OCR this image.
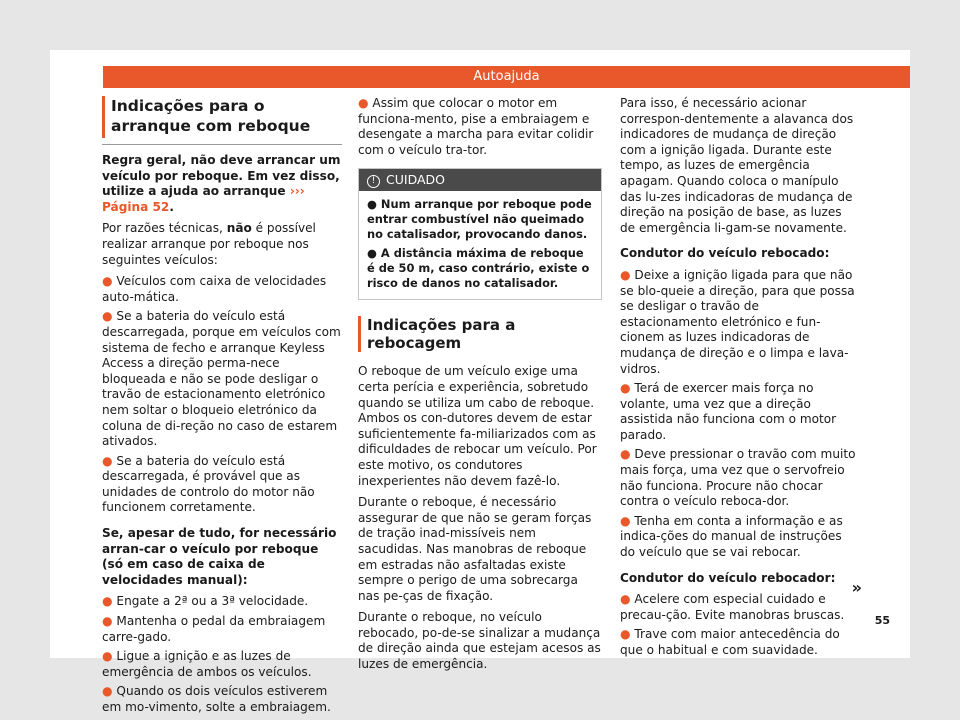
Autoajuda
Indicações para o arranque com reboque

Regra geral, não deve arrancar um veículo por reboque. Em vez disso, utilize a ajuda ao arranque ››› Página 52.

Por razões técnicas, não é possível realizar arranque por reboque nos seguintes veículos:

● Veículos com caixa de velocidades auto-mática.

● Se a bateria do veículo está descarregada, porque em veículos com sistema de fecho e arranque Keyless Access a direção perma-nece bloqueada e não se pode desligar o travão de estacionamento eletrónico nem soltar o bloqueio eletrónico da coluna de di-reção no caso de estarem ativados.

● Se a bateria do veículo está descarregada, é provável que as unidades de controlo do motor não funcionem corretamente.

Se, apesar de tudo, for necessário arran-car o veículo por reboque (só em caso de caixa de velocidades manual):

● Engate a 2ª ou a 3ª velocidade.

● Mantenha o pedal da embraiagem carre-gado.

● Ligue a ignição e as luzes de emergência de ambos os veículos.

● Quando os dois veículos estiverem em mo-vimento, solte a embraiagem.

● Assim que colocar o motor em funciona-mento, pise a embraiagem e desengate a marcha para evitar colidir com o veículo tra-tor.

! CUIDADO

● Num arranque por reboque pode entrar combustível não queimado no catalisador, provocando danos.

● A distância máxima de reboque é de 50 m, caso contrário, existe o risco de danos no catalisador.

Indicações para a rebocagem

O reboque de um veículo exige uma certa perícia e experiência, sobretudo quando se utiliza um cabo de reboque. Ambos os con-dutores devem de estar suficientemente fa-miliarizados com as dificuldades de rebocar um veículo. Por este motivo, os condutores inexperientes não devem fazê-lo.

Durante o reboque, é necessário assegurar de que não se geram forças de tração inad-missíveis nem sacudidas. Nas manobras de reboque em estradas não asfaltadas existe sempre o perigo de uma sobrecarga nas pe-ças de fixação.

Durante o reboque, no veículo rebocado, po-de-se sinalizar a mudança de direção ainda que estejam acesos as luzes de emergência.

Para isso, é necessário acionar correspon-dentemente a alavanca dos indicadores de mudança de direção com a ignição ligada. Durante este tempo, as luzes de emergência apagam. Quando coloca o manípulo das lu-zes indicadoras de mudança de direção na posição de base, as luzes de emergência li-gam-se novamente.

Condutor do veículo rebocado:

● Deixe a ignição ligada para que não se blo-queie a direção, para que possa se desligar o travão de estacionamento eletrónico e fun-cionem as luzes indicadoras de mudança de direção e o limpa e lava-vidros.

● Terá de exercer mais força no volante, uma vez que a direção assistida não funciona com o motor parado.

● Deve pressionar o travão com muito mais força, uma vez que o servofreio não funciona. Procure não chocar contra o veículo reboca-dor.

● Tenha em conta a informação e as indica-ções do manual de instruções do veículo que se vai rebocar.

Condutor do veículo rebocador:

● Acelere com especial cuidado e precau-ção. Evite manobras bruscas.

● Trave com maior antecedência do que o habitual e com suavidade.

»
55
